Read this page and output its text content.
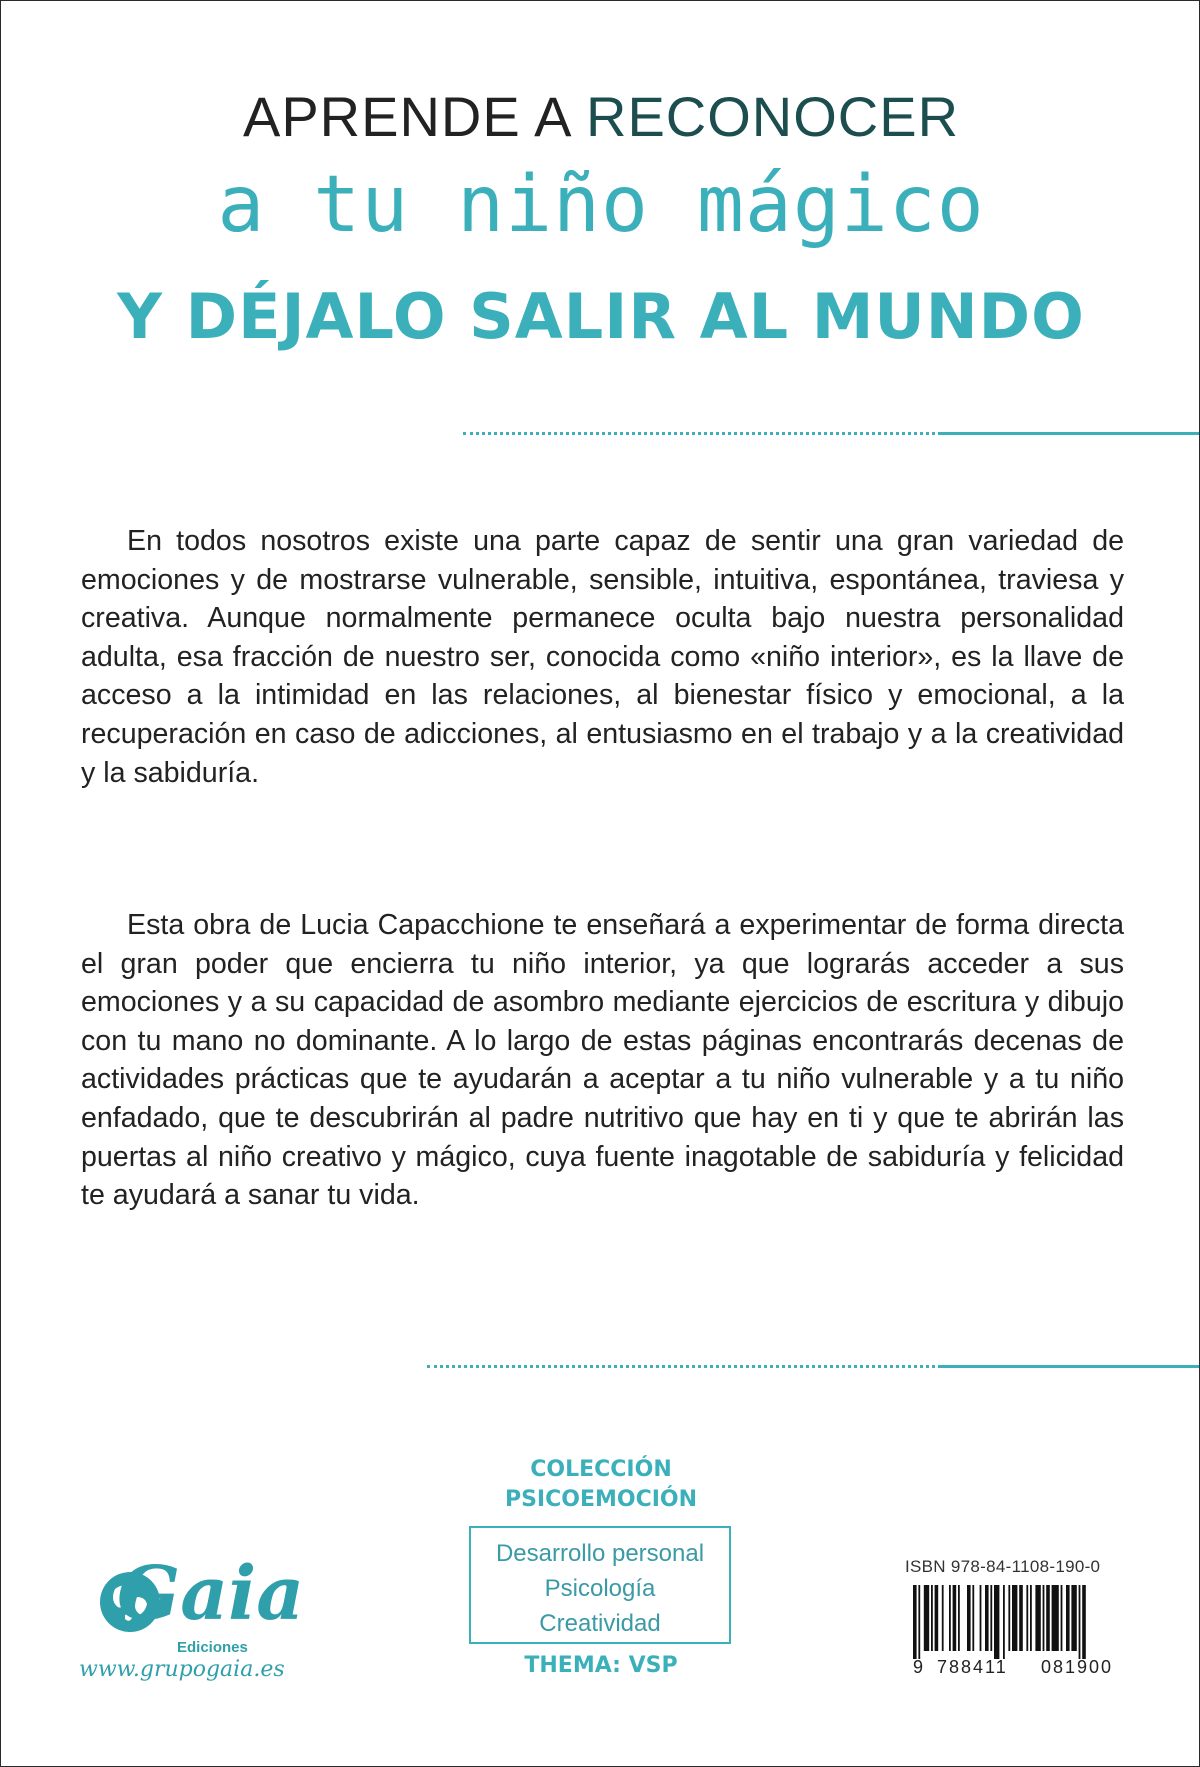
APRENDE A RECONOCER
a tu niño mágico
Y DÉJALO SALIR AL MUNDO

En todos nosotros existe una parte capaz de sentir una gran variedad de emociones y de mostrarse vulnerable, sensible, intuitiva, espontánea, traviesa y creativa. Aunque normalmente permanece oculta bajo nuestra personalidad adulta, esa fracción de nuestro ser, conocida como «niño interior», es la llave de acceso a la intimidad en las relaciones, al bienestar físico y emocional, a la recuperación en caso de adicciones, al entusiasmo en el trabajo y a la creatividad y la sabiduría.

Esta obra de Lucia Capacchione te enseñará a experimentar de forma directa el gran poder que encierra tu niño interior, ya que lograrás acceder a sus emociones y a su capacidad de asombro mediante ejercicios de escritura y dibujo con tu mano no dominante. A lo largo de estas páginas encontrarás decenas de actividades prácticas que te ayudarán a aceptar a tu niño vulnerable y a tu niño enfadado, que te descubrirán al padre nutritivo que hay en ti y que te abrirán las puertas al niño creativo y mágico, cuya fuente inagotable de sabiduría y felicidad te ayudará a sanar tu vida.

COLECCIÓN
PSICOEMOCIÓN
Desarrollo personal
Psicología
Creatividad
THEMA: VSP
Gaia
Ediciones
www.grupogaia.es
ISBN 978-84-1108-190-0
9 788411 081900
